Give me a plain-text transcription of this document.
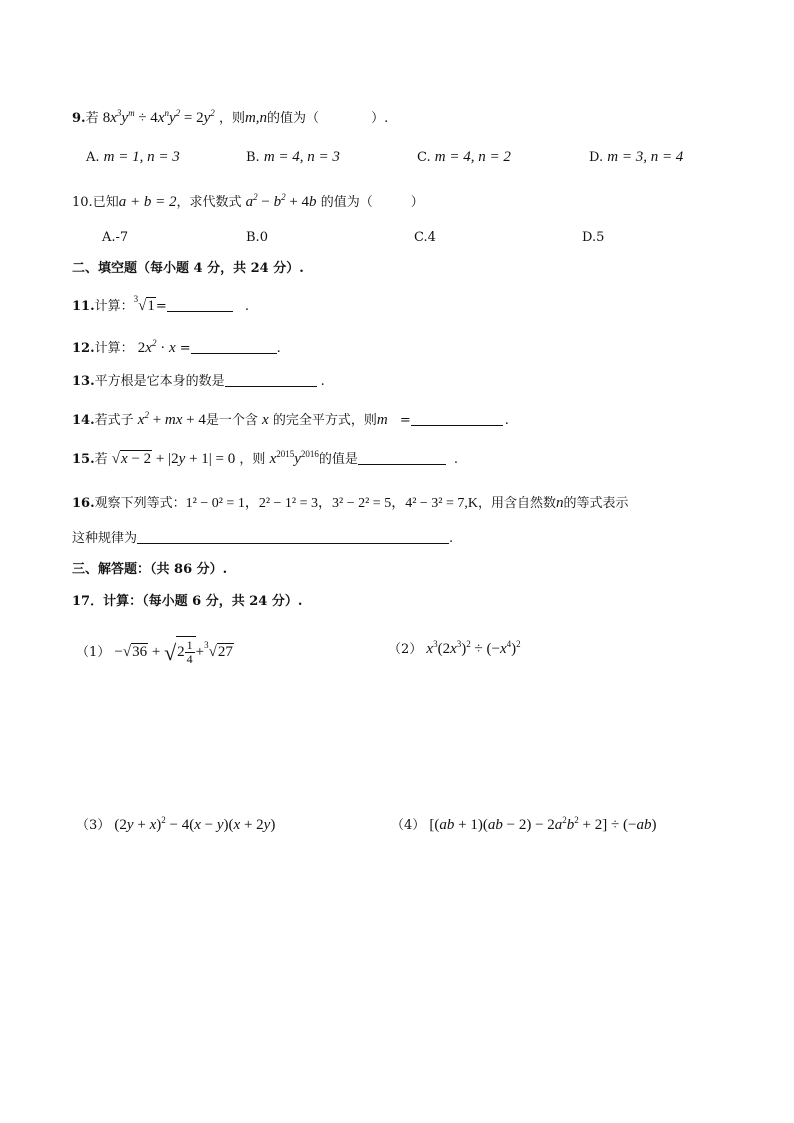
9.若 $8x^3y^m \div 4x^ny^2 = 2y^2$ ，则m,n的值为（	）.
A. m = 1, n = 3	B. m = 4, n = 3	C. m = 4, n = 2	D. m = 3, n = 4
10.已知a + b = 2，求代数式 $a^2 - b^2 + 4b$ 的值为（	）
A.-7	B.0	C.4	D.5
二、填空题（每小题 4 分，共 24 分）.
11.计算：$^3$√1=	.
12.计算： $2x^2 \cdot x$ =	.
13.平方根是它本身的数是	.
14.若式子 $x^2$ + mx + 4是一个含 x 的完全平方式，则m =	.
15.若 √x − 2 + |2y + 1| = 0 ，则 $x^{2015}y^{2016}$的值是	.
16.观察下列等式：1² − 0² = 1，2² − 1² = 3，3² − 2² = 5，4² − 3² = 7,K，用含自然数n的等式表示
这种规律为	.
三、解答题：（共 86 分）.
17．计算：（每小题 6 分，共 24 分）.
$(1) -√36 + √2 \frac{1}{4} +^3√27$	（2） $x^3(2x^3)^2 \div (-x^4)^2$
（3） $(2y + x)^2 - 4(x - y)(x + 2y)$	（4） $[(ab + 1)(ab - 2) - 2a^2b^2 + 2] \div (-ab)$
